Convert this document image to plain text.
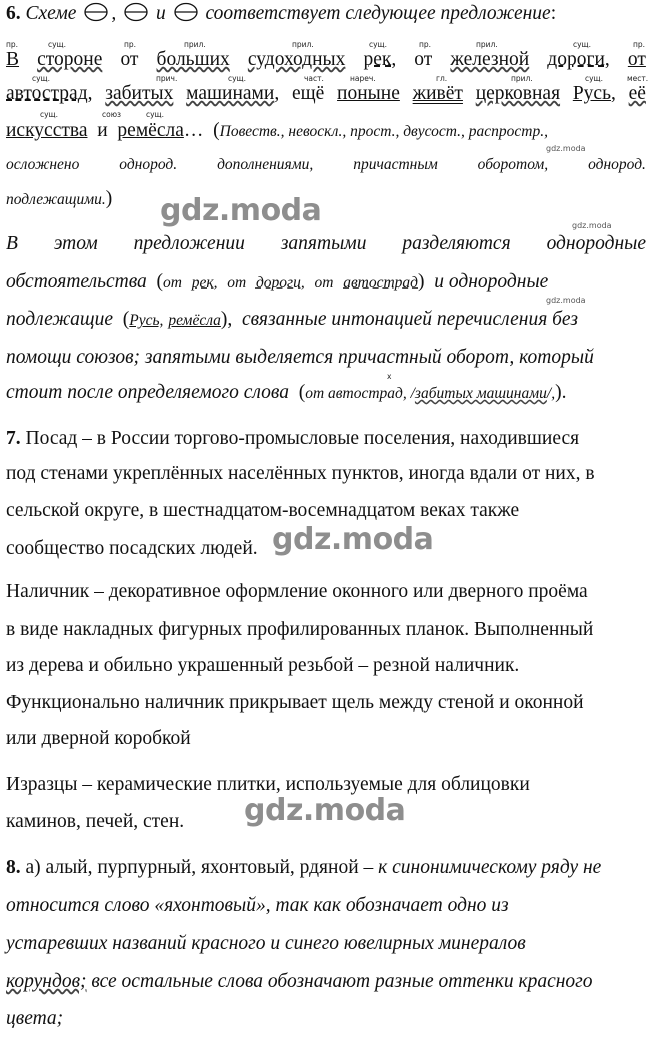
6. Схеме , и соответствует следующее предложение:
пр.	сущ.	пр.	прил.	прил.	сущ.	пр.	прил.	сущ.	пр.
В стороне от больших судоходных рек, от железной дороги, от
сущ.	прич.	сущ.	част.	нареч.	гл.	прил.	сущ.	мест.
автострад, забитых машинами, ещё поныне живёт церковная Русь, её
сущ.	союз	сущ.
искусства и ремёсла… (Повеств., невоскл., прост., двусост., распростр.,
осложнено	однород.	дополнениями,	причастным	оборотом,	однород.
подлежащими.)
В этом предложении запятыми разделяются однородные
обстоятельства (от рек, от дороги, от автострад) и однородные
подлежащие (Русь, ремёсла), связанные интонацией перечисления без
помощи союзов; запятыми выделяется причастный оборот, который
х
стоит после определяемого слова (от автострад, /забитых машинами/,).
7. Посад – в России торгово-промысловые поселения, находившиеся
под стенами укреплённых населённых пунктов, иногда вдали от них, в
сельской округе, в шестнадцатом-восемнадцатом веках также
сообщество посадских людей.
Наличник – декоративное оформление оконного или дверного проёма
в виде накладных фигурных профилированных планок. Выполненный
из дерева и обильно украшенный резьбой – резной наличник.
Функционально наличник прикрывает щель между стеной и оконной
или дверной коробкой
Изразцы – керамические плитки, используемые для облицовки
каминов, печей, стен.
8. а) алый, пурпурный, яхонтовый, рдяной – к синонимическому ряду не
относится слово «яхонтовый», так как обозначает одно из
устаревших названий красного и синего ювелирных минералов
корундов; все остальные слова обозначают разные оттенки красного
цвета;
gdz.moda
gdz.moda
gdz.moda
gdz.moda
gdz.moda
gdz.moda
